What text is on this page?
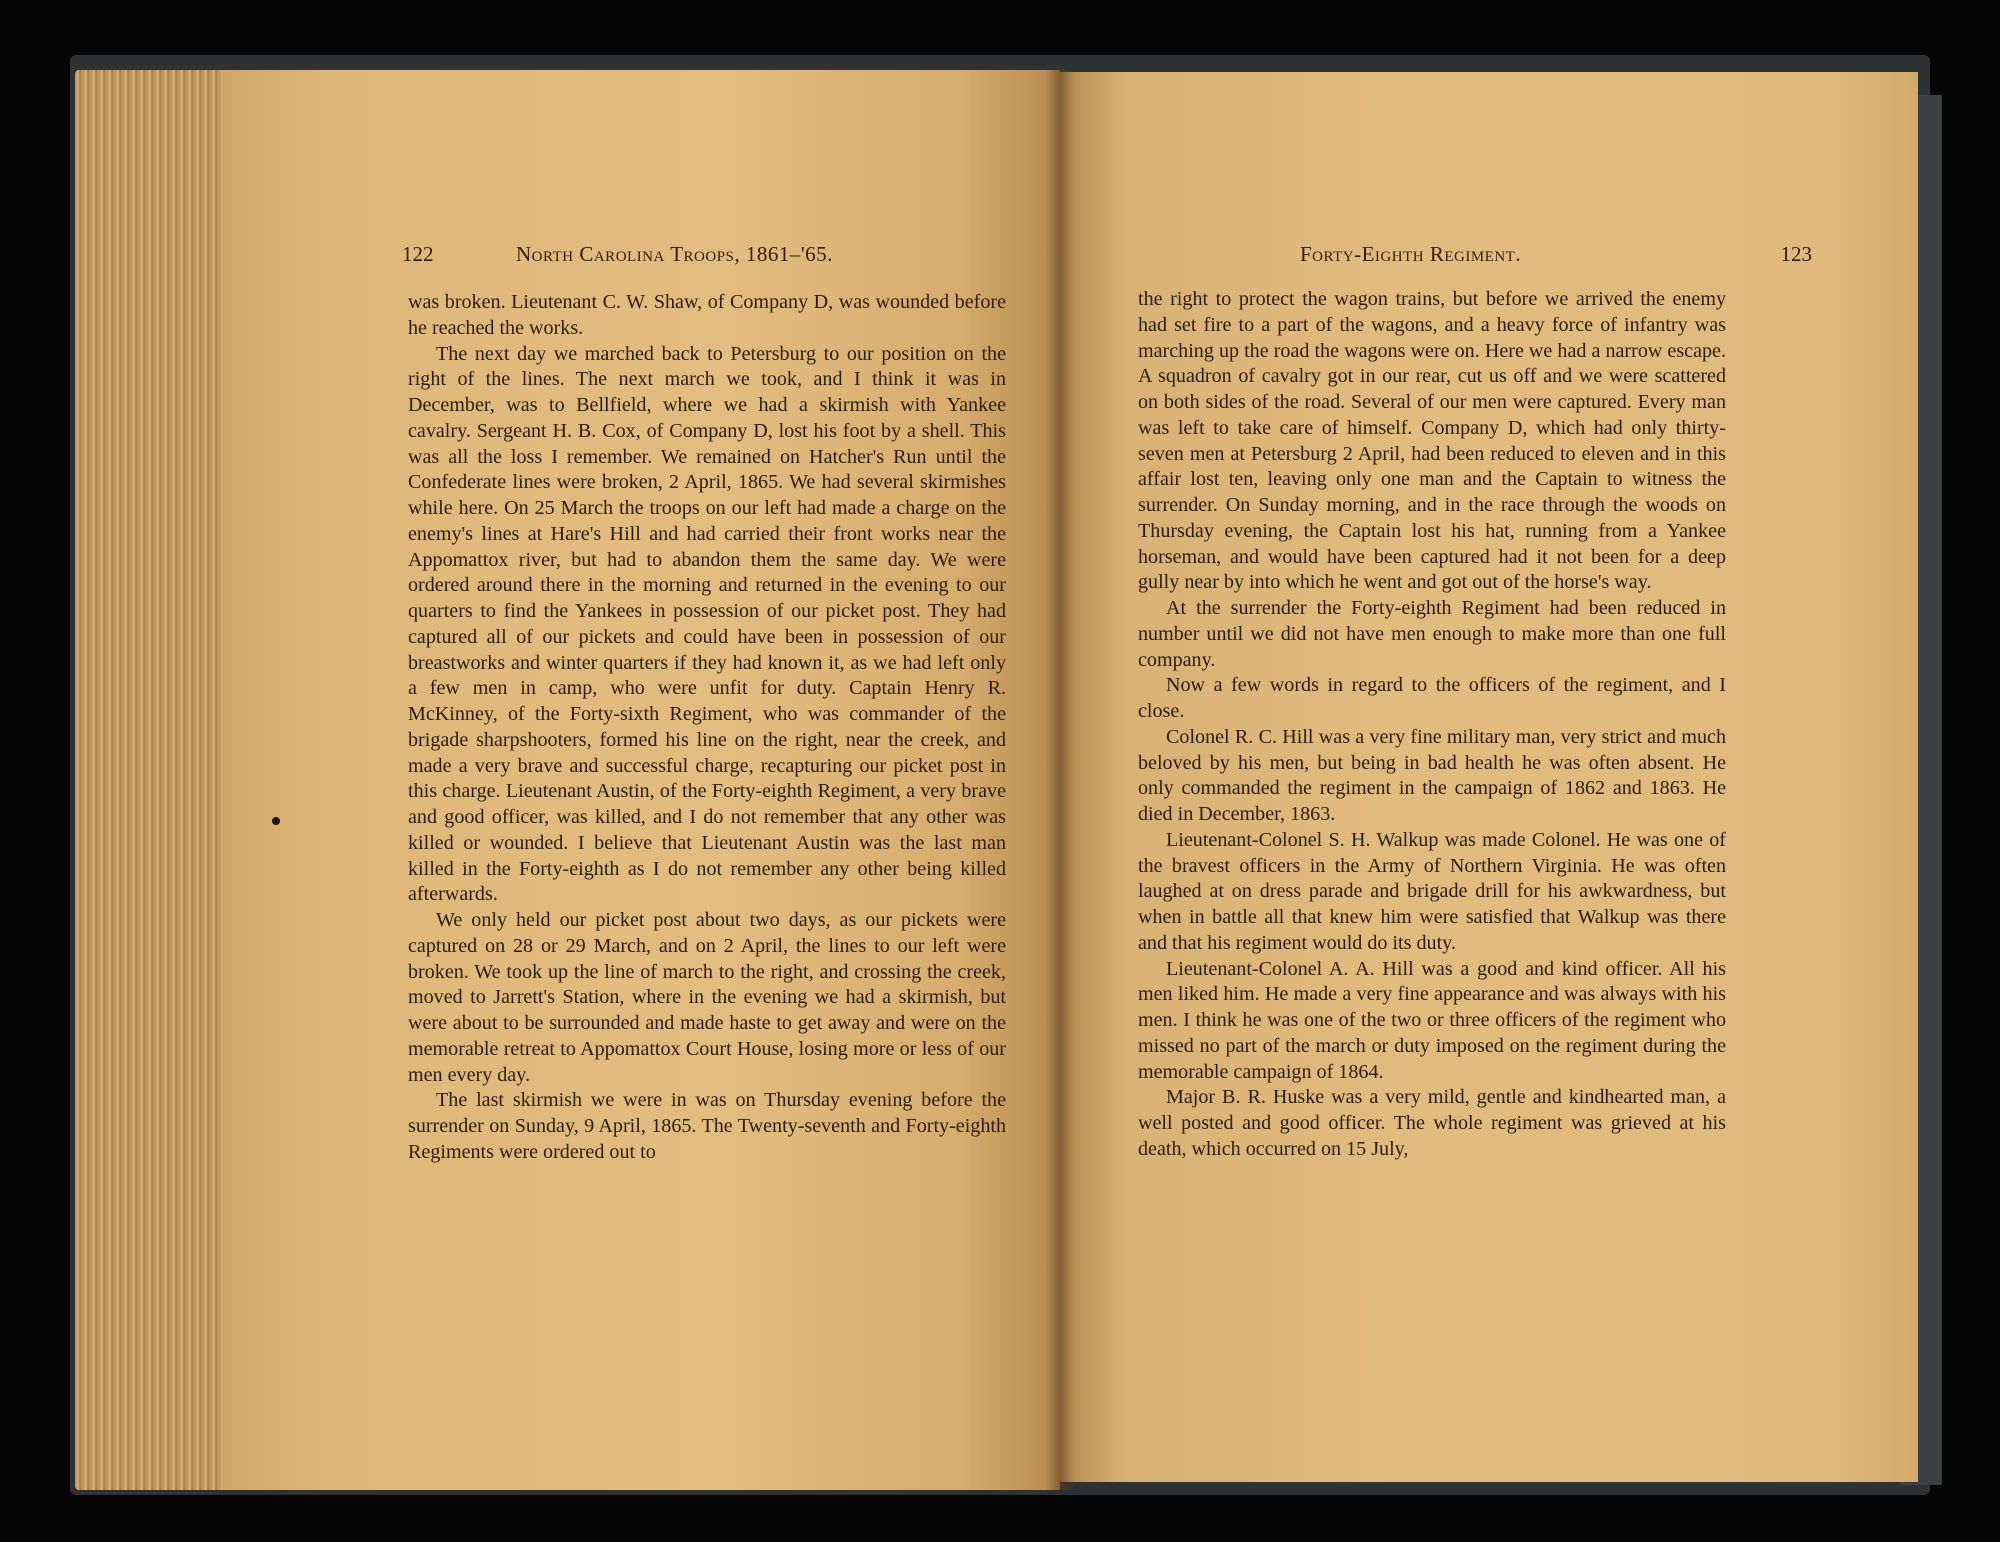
122	North Carolina Troops, 1861–'65.	Forty-Eighth Regiment.	123

was broken. Lieutenant C. W. Shaw, of Company D, was wounded before he reached the works.

The next day we marched back to Petersburg to our position on the right of the lines. The next march we took, and I think it was in December, was to Bellfield, where we had a skirmish with Yankee cavalry. Sergeant H. B. Cox, of Company D, lost his foot by a shell. This was all the loss I remember. We remained on Hatcher's Run until the Confederate lines were broken, 2 April, 1865. We had several skirmishes while here. On 25 March the troops on our left had made a charge on the enemy's lines at Hare's Hill and had carried their front works near the Appomattox river, but had to abandon them the same day. We were ordered around there in the morning and returned in the evening to our quarters to find the Yankees in possession of our picket post. They had captured all of our pickets and could have been in possession of our breastworks and winter quarters if they had known it, as we had left only a few men in camp, who were unfit for duty. Captain Henry R. McKinney, of the Forty-sixth Regiment, who was commander of the brigade sharpshooters, formed his line on the right, near the creek, and made a very brave and successful charge, recapturing our picket post in this charge. Lieutenant Austin, of the Forty-eighth Regiment, a very brave and good officer, was killed, and I do not remember that any other was killed or wounded. I believe that Lieutenant Austin was the last man killed in the Forty-eighth as I do not remember any other being killed afterwards.

We only held our picket post about two days, as our pickets were captured on 28 or 29 March, and on 2 April, the lines to our left were broken. We took up the line of march to the right, and crossing the creek, moved to Jarrett's Station, where in the evening we had a skirmish, but were about to be surrounded and made haste to get away and were on the memorable retreat to Appomattox Court House, losing more or less of our men every day.

The last skirmish we were in was on Thursday evening before the surrender on Sunday, 9 April, 1865. The Twenty-seventh and Forty-eighth Regiments were ordered out to

the right to protect the wagon trains, but before we arrived the enemy had set fire to a part of the wagons, and a heavy force of infantry was marching up the road the wagons were on. Here we had a narrow escape. A squadron of cavalry got in our rear, cut us off and we were scattered on both sides of the road. Several of our men were captured. Every man was left to take care of himself. Company D, which had only thirty-seven men at Petersburg 2 April, had been reduced to eleven and in this affair lost ten, leaving only one man and the Captain to witness the surrender. On Sunday morning, and in the race through the woods on Thursday evening, the Captain lost his hat, running from a Yankee horseman, and would have been captured had it not been for a deep gully near by into which he went and got out of the horse's way.

At the surrender the Forty-eighth Regiment had been reduced in number until we did not have men enough to make more than one full company.

Now a few words in regard to the officers of the regiment, and I close.

Colonel R. C. Hill was a very fine military man, very strict and much beloved by his men, but being in bad health he was often absent. He only commanded the regiment in the campaign of 1862 and 1863. He died in December, 1863.

Lieutenant-Colonel S. H. Walkup was made Colonel. He was one of the bravest officers in the Army of Northern Virginia. He was often laughed at on dress parade and brigade drill for his awkwardness, but when in battle all that knew him were satisfied that Walkup was there and that his regiment would do its duty.

Lieutenant-Colonel A. A. Hill was a good and kind officer. All his men liked him. He made a very fine appearance and was always with his men. I think he was one of the two or three officers of the regiment who missed no part of the march or duty imposed on the regiment during the memorable campaign of 1864.

Major B. R. Huske was a very mild, gentle and kindhearted man, a well posted and good officer. The whole regiment was grieved at his death, which occurred on 15 July,
